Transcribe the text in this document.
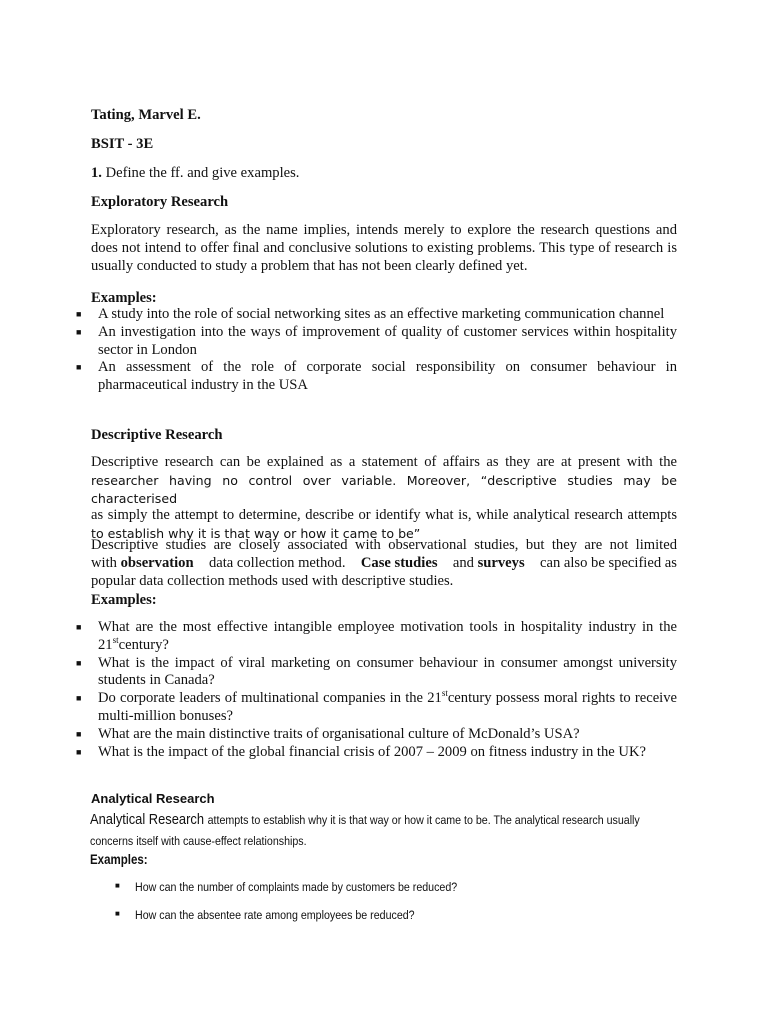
Tating, Marvel E.

BSIT - 3E

1. Define the ff. and give examples.

Exploratory Research

Exploratory research, as the name implies, intends merely to explore the research questions and does not intend to offer final and conclusive solutions to existing problems. This type of research is usually conducted to study a problem that has not been clearly defined yet.

Examples:

■ A study into the role of social networking sites as an effective marketing communication channel
■ An investigation into the ways of improvement of quality of customer services within hospitality sector in London
■ An assessment of the role of corporate social responsibility on consumer behaviour in pharmaceutical industry in the USA

Descriptive Research

Descriptive research can be explained as a statement of affairs as they are at present with the

researcher having no control over variable. Moreover, “descriptive studies may be characterised

as simply the attempt to determine, describe or identify what is, while analytical research attempts

to establish why it is that way or how it came to be”

Descriptive studies are closely associated with observational studies, but they are not limited

with observation data collection method. Case studies and surveys can also be specified as

popular data collection methods used with descriptive studies.

Examples:

■ What are the most effective intangible employee motivation tools in hospitality industry in the 21stcentury?
■ What is the impact of viral marketing on consumer behaviour in consumer amongst university students in Canada?
■ Do corporate leaders of multinational companies in the 21stcentury possess moral rights to receive multi-million bonuses?
■ What are the main distinctive traits of organisational culture of McDonald’s USA?
■ What is the impact of the global financial crisis of 2007 – 2009 on fitness industry in the UK?

Analytical Research

Analytical Research attempts to establish why it is that way or how it came to be. The analytical research usually

concerns itself with cause-effect relationships.

Examples:

■ How can the number of complaints made by customers be reduced?
■ How can the absentee rate among employees be reduced?
